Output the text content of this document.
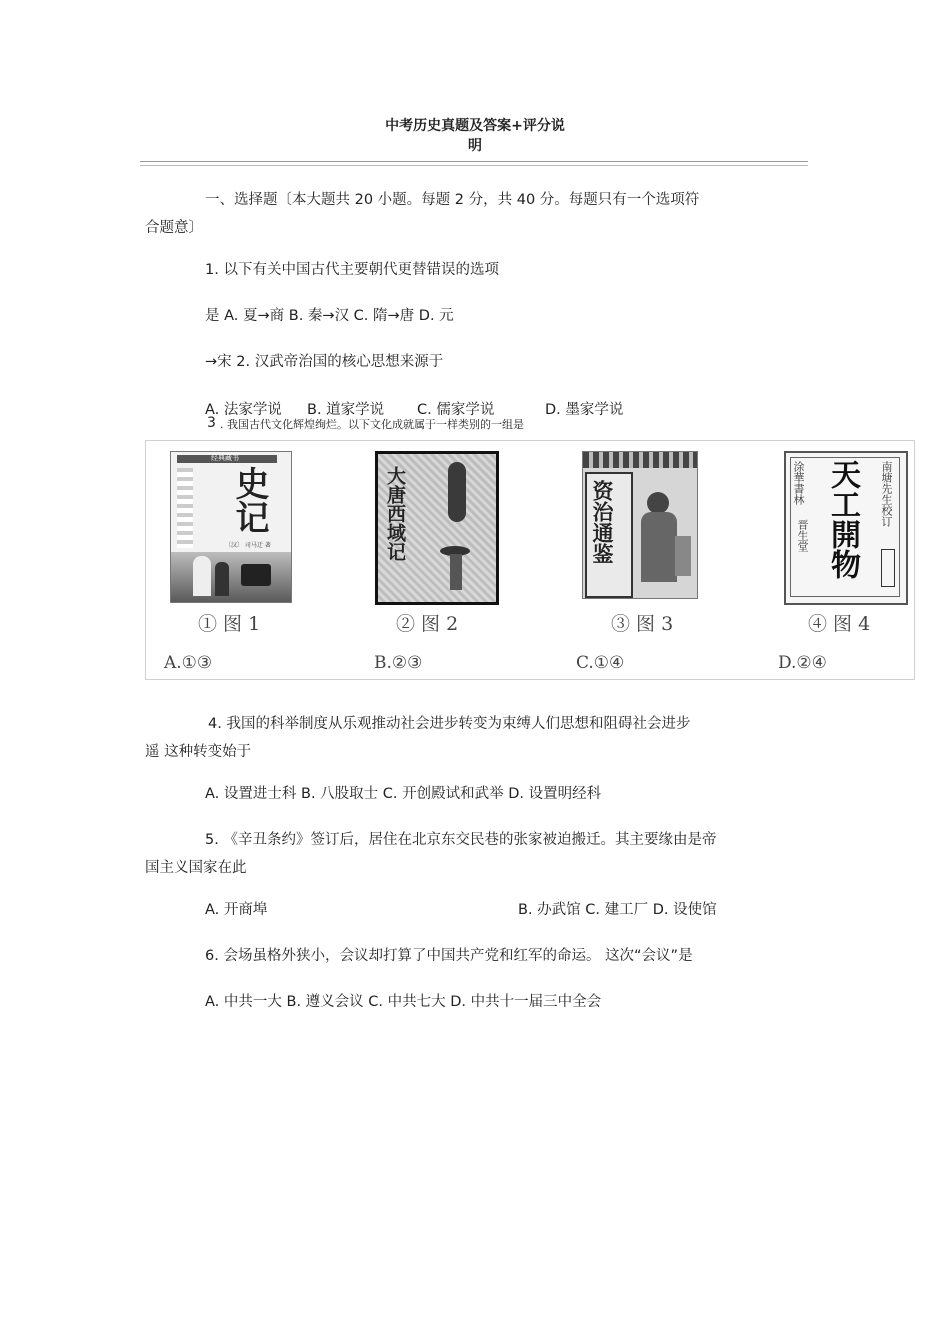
中考历史真题及答案+评分说
明
一、选择题〔本大题共 20 小题。每题 2 分，共 40 分。每题只有一个选项符
合题意〕
1. 以下有关中国古代主要朝代更替错误的选项
是 A. 夏→商 B. 秦→汉 C. 隋→唐 D. 元
→宋 2. 汉武帝治国的核心思想来源于
A. 法家学说 B. 道家学说 C. 儒家学说	D. 墨家学说
3 . 我国古代文化辉煌绚烂。以下文化成就属于一样类别的一组是
经典藏书
史记
〔汉〕 司马迁 著	大唐西域记	资治通鉴	涂華書林
晋生堂 天工開物 南塘先生校订
① 图 1	② 图 2	③ 图 3	④ 图 4
A.①③	B.②③	C.①④	D.②④
4. 我国的科举制度从乐观推动社会进步转变为束缚人们思想和阻碍社会进步
遥 这种转变始于
A. 设置进士科 B. 八股取士 C. 开创殿试和武举 D. 设置明经科
5. 《辛丑条约》签订后，居住在北京东交民巷的张家被迫搬迁。其主要缘由是帝
国主义国家在此
A. 开商埠	B. 办武馆 C. 建工厂 D. 设使馆
6. 会场虽格外狭小，会议却打算了中国共产党和红军的命运。 这次“会议”是
A. 中共一大 B. 遵义会议 C. 中共七大 D. 中共十一届三中全会
